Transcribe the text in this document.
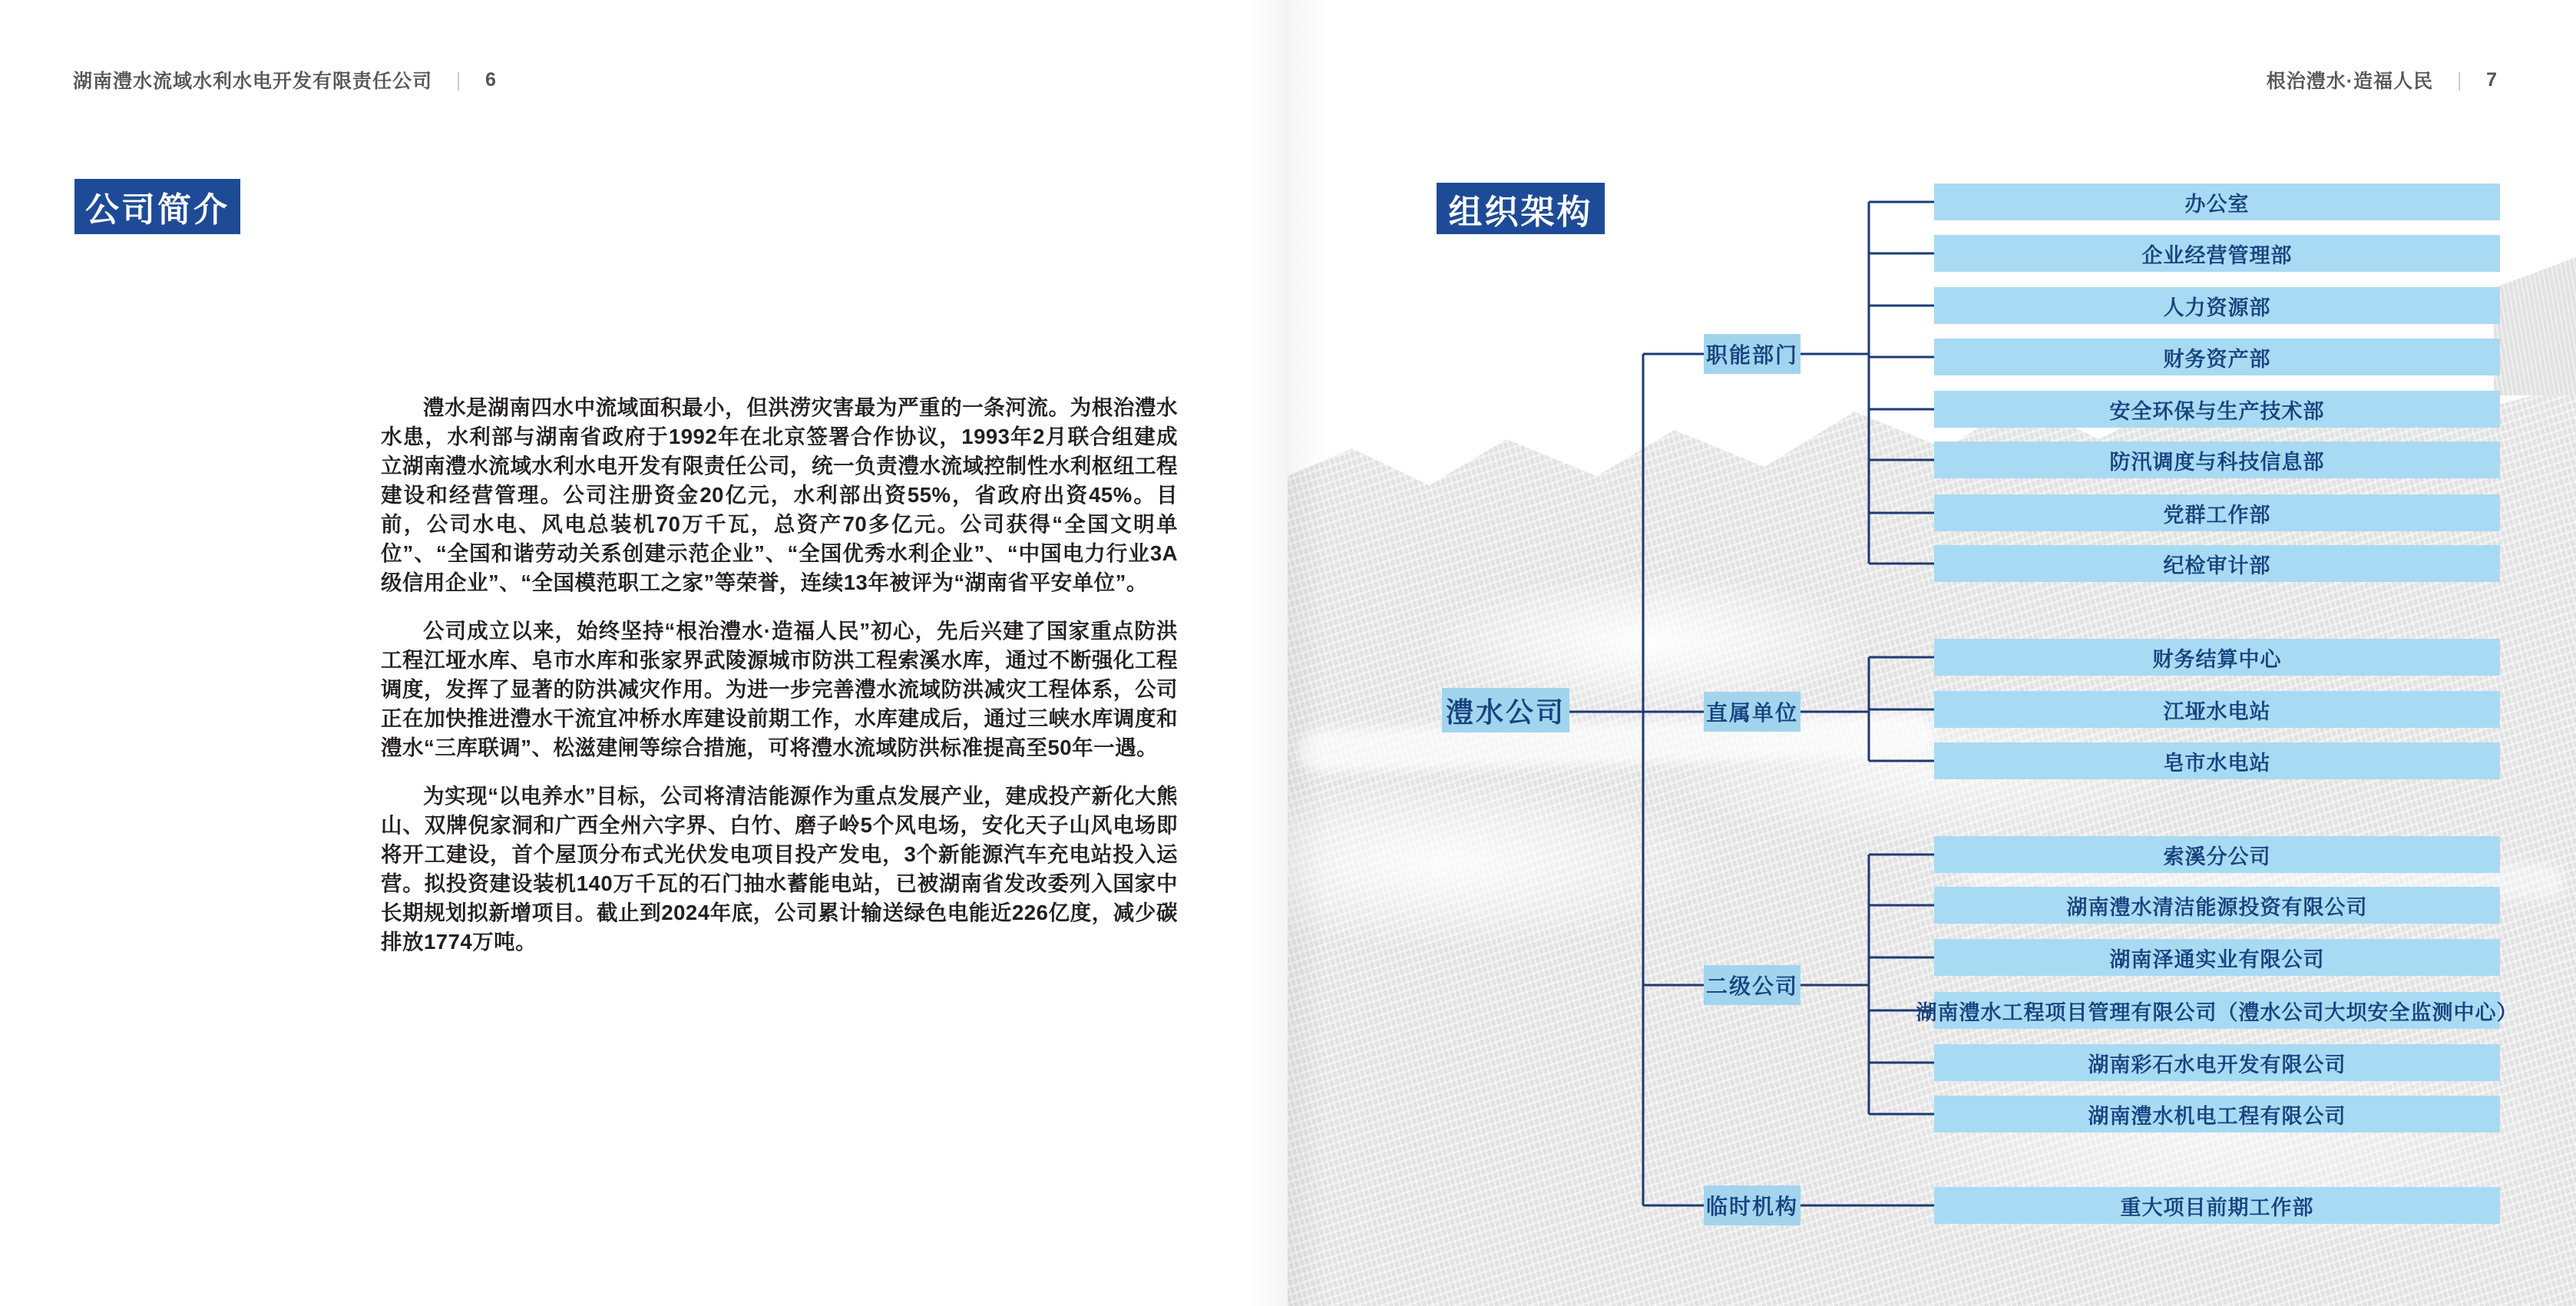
湖南澧水流域水利水电开发有限责任公司 ｜ 6	根治澧水·造福人民 ｜ 7
公司简介	组织架构

澧水是湖南四水中流域面积最小，但洪涝灾害最为严重的一条河流。为根治澧水水患，水利部与湖南省政府于1992年在北京签署合作协议，1993年2月联合组建成立湖南澧水流域水利水电开发有限责任公司，统一负责澧水流域控制性水利枢纽工程建设和经营管理。公司注册资金20亿元，水利部出资55%，省政府出资45%。目前，公司水电、风电总装机70万千瓦，总资产70多亿元。公司获得“全国文明单位”、“全国和谐劳动关系创建示范企业”、“全国优秀水利企业”、“中国电力行业3A级信用企业”、“全国模范职工之家”等荣誉，连续13年被评为“湖南省平安单位”。

公司成立以来，始终坚持“根治澧水·造福人民”初心，先后兴建了国家重点防洪工程江垭水库、皂市水库和张家界武陵源城市防洪工程索溪水库，通过不断强化工程调度，发挥了显著的防洪减灾作用。为进一步完善澧水流域防洪减灾工程体系，公司正在加快推进澧水干流宜冲桥水库建设前期工作，水库建成后，通过三峡水库调度和澧水“三库联调”、松滋建闸等综合措施，可将澧水流域防洪标准提高至50年一遇。

为实现“以电养水”目标，公司将清洁能源作为重点发展产业，建成投产新化大熊山、双牌倪家洞和广西全州六字界、白竹、磨子岭5个风电场，安化天子山风电场即将开工建设，首个屋顶分布式光伏发电项目投产发电，3个新能源汽车充电站投入运营。拟投资建设装机140万千瓦的石门抽水蓄能电站，已被湖南省发改委列入国家中长期规划拟新增项目。截止到2024年底，公司累计输送绿色电能近226亿度，减少碳排放1774万吨。

澧水公司
职能部门
办公室
企业经营管理部
人力资源部
财务资产部
安全环保与生产技术部
防汛调度与科技信息部
党群工作部
纪检审计部
直属单位
财务结算中心
江垭水电站
皂市水电站
二级公司
索溪分公司
湖南澧水清洁能源投资有限公司
湖南泽通实业有限公司
湖南澧水工程项目管理有限公司（澧水公司大坝安全监测中心）
湖南彩石水电开发有限公司
湖南澧水机电工程有限公司
临时机构	重大项目前期工作部
